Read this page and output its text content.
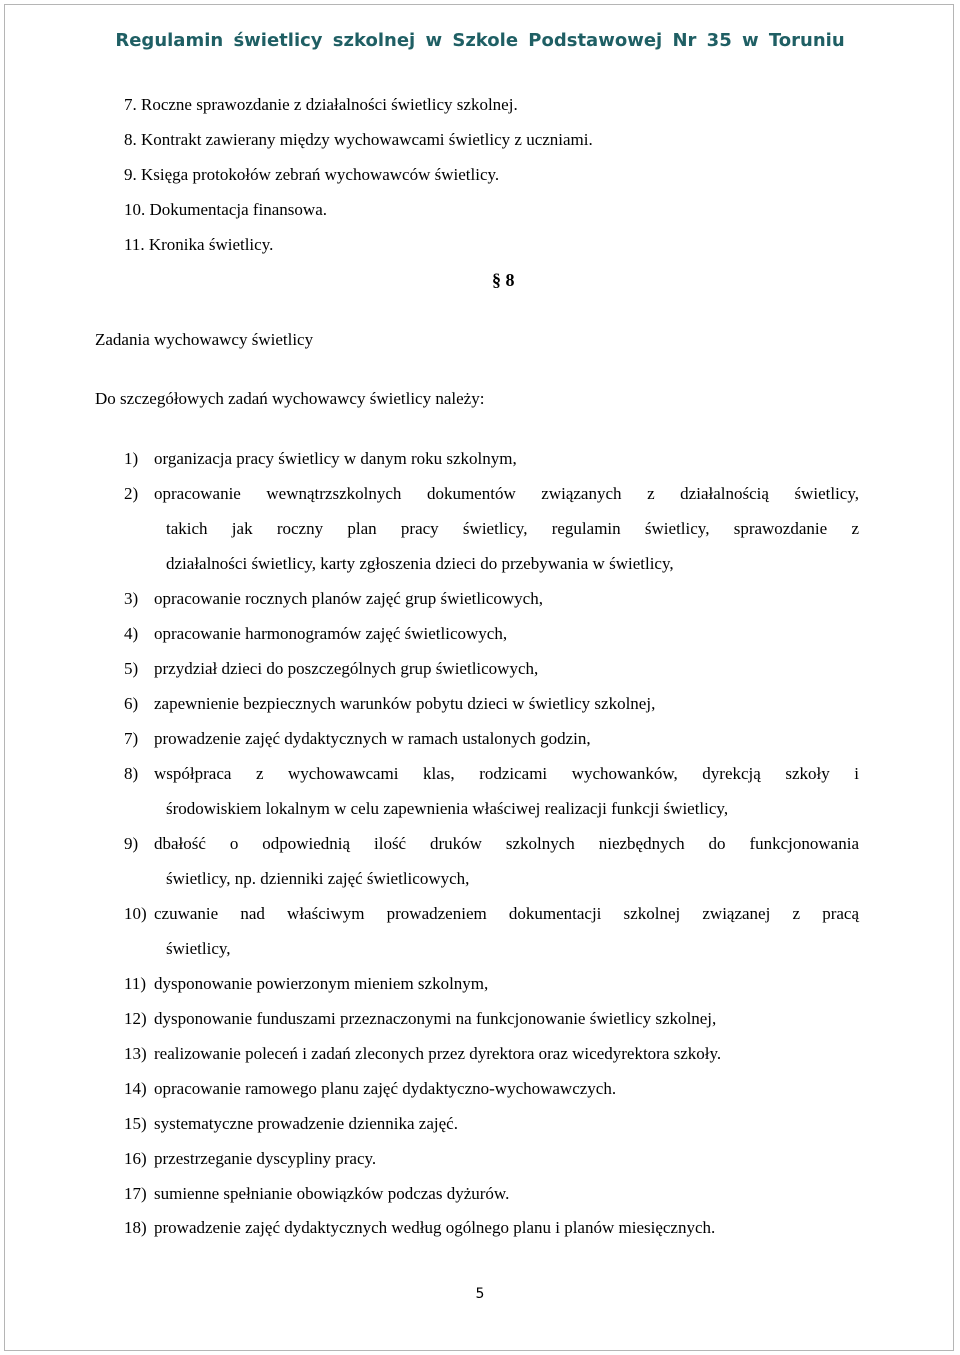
Regulamin świetlicy szkolnej w Szkole Podstawowej Nr 35 w Toruniu
7. Roczne sprawozdanie z działalności świetlicy szkolnej.
8. Kontrakt zawierany między wychowawcami świetlicy z uczniami.
9. Księga protokołów zebrań wychowawców świetlicy.
10. Dokumentacja finansowa.
11. Kronika świetlicy.
§ 8
Zadania wychowawcy świetlicy
Do szczegółowych zadań wychowawcy świetlicy należy:
1) organizacja pracy świetlicy w danym roku szkolnym,
2) opracowanie wewnątrzszkolnych dokumentów związanych z działalnością świetlicy,
takich jak roczny plan pracy świetlicy, regulamin świetlicy, sprawozdanie z
działalności świetlicy, karty zgłoszenia dzieci do przebywania w świetlicy,
3) opracowanie rocznych planów zajęć grup świetlicowych,
4) opracowanie harmonogramów zajęć świetlicowych,
5) przydział dzieci do poszczególnych grup świetlicowych,
6) zapewnienie bezpiecznych warunków pobytu dzieci w świetlicy szkolnej,
7) prowadzenie zajęć dydaktycznych w ramach ustalonych godzin,
8) współpraca z wychowawcami klas, rodzicami wychowanków, dyrekcją szkoły i
środowiskiem lokalnym w celu zapewnienia właściwej realizacji funkcji świetlicy,
9) dbałość o odpowiednią ilość druków szkolnych niezbędnych do funkcjonowania
świetlicy, np. dzienniki zajęć świetlicowych,
10) czuwanie nad właściwym prowadzeniem dokumentacji szkolnej związanej z pracą
świetlicy,
11) dysponowanie powierzonym mieniem szkolnym,
12) dysponowanie funduszami przeznaczonymi na funkcjonowanie świetlicy szkolnej,
13) realizowanie poleceń i zadań zleconych przez dyrektora oraz wicedyrektora szkoły.
14) opracowanie ramowego planu zajęć dydaktyczno-wychowawczych.
15) systematyczne prowadzenie dziennika zajęć.
16) przestrzeganie dyscypliny pracy.
17) sumienne spełnianie obowiązków podczas dyżurów.
18) prowadzenie zajęć dydaktycznych według ogólnego planu i planów miesięcznych.
5
